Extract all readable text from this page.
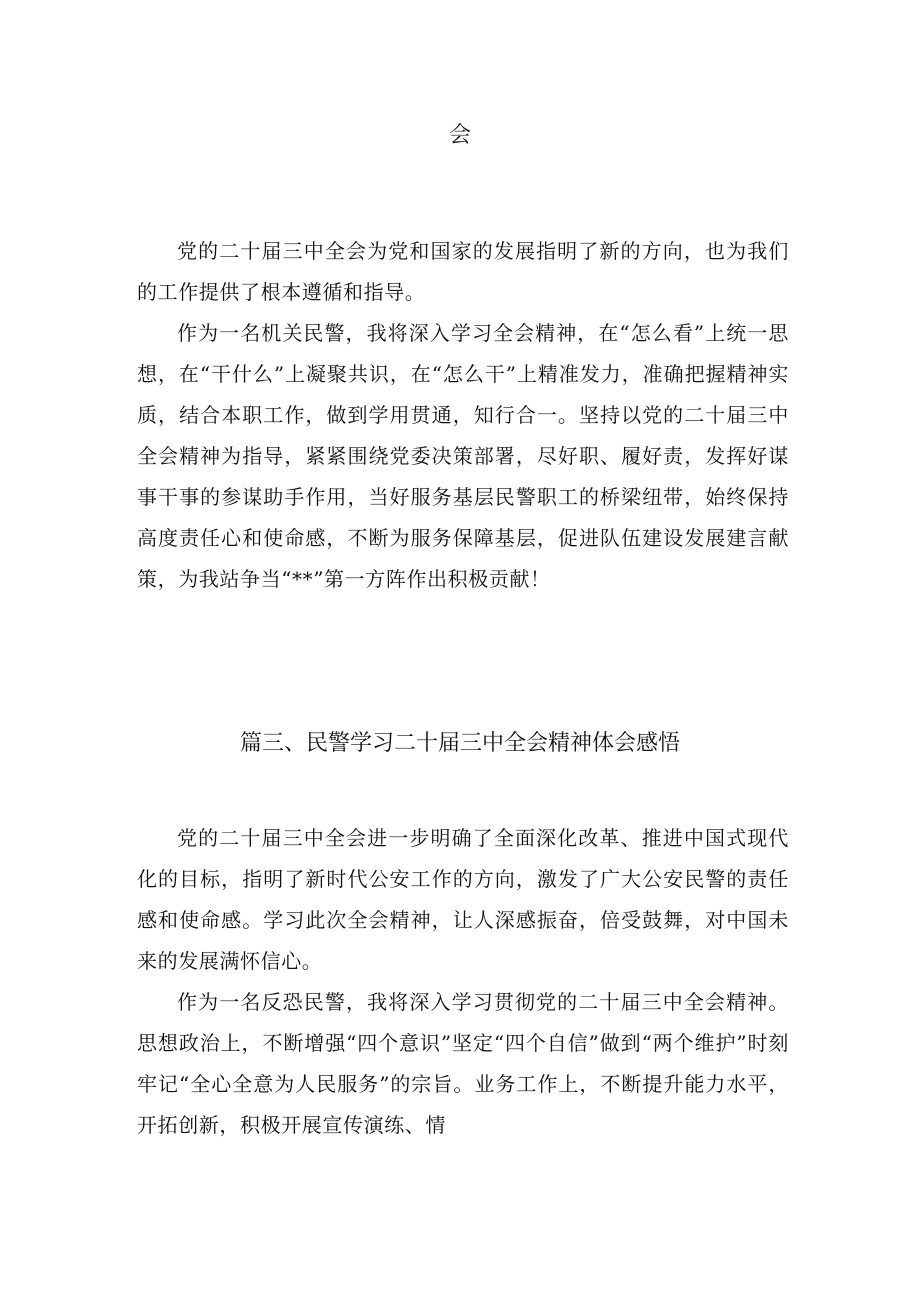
会

党的二十届三中全会为党和国家的发展指明了新的方向，也为我们的工作提供了根本遵循和指导。

作为一名机关民警，我将深入学习全会精神，在“怎么看”上统一思想，在“干什么”上凝聚共识，在“怎么干”上精准发力，准确把握精神实质，结合本职工作，做到学用贯通，知行合一。坚持以党的二十届三中全会精神为指导，紧紧围绕党委决策部署，尽好职、履好责，发挥好谋事干事的参谋助手作用，当好服务基层民警职工的桥梁纽带，始终保持高度责任心和使命感，不断为服务保障基层，促进队伍建设发展建言献策，为我站争当“**”第一方阵作出积极贡献！

篇三、民警学习二十届三中全会精神体会感悟

党的二十届三中全会进一步明确了全面深化改革、推进中国式现代化的目标，指明了新时代公安工作的方向，激发了广大公安民警的责任感和使命感。学习此次全会精神，让人深感振奋，倍受鼓舞，对中国未来的发展满怀信心。

作为一名反恐民警，我将深入学习贯彻党的二十届三中全会精神。思想政治上，不断增强“四个意识”坚定“四个自信”做到“两个维护”时刻牢记“全心全意为人民服务”的宗旨。业务工作上，不断提升能力水平，开拓创新，积极开展宣传演练、情
